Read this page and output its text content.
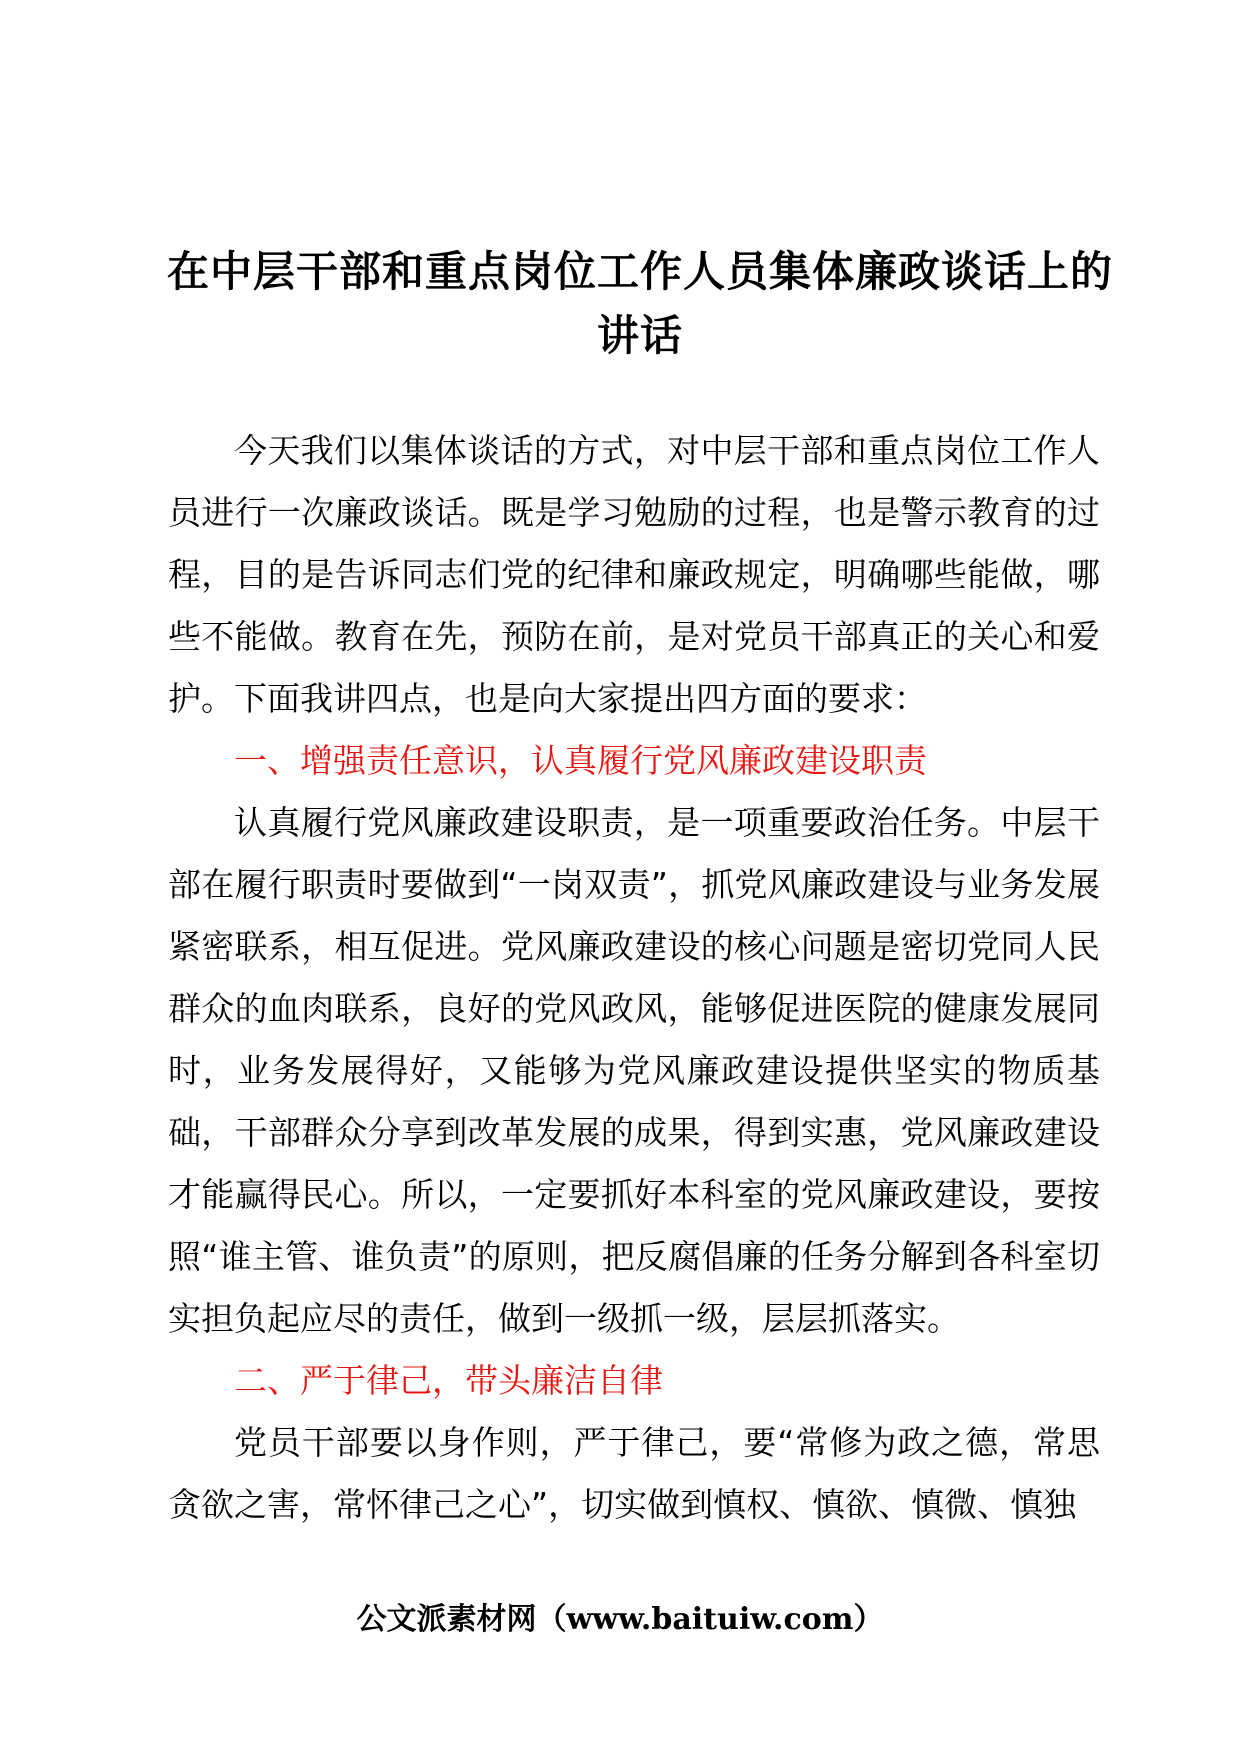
在中层干部和重点岗位工作人员集体廉政谈话上的讲话

今天我们以集体谈话的方式，对中层干部和重点岗位工作人员进行一次廉政谈话。既是学习勉励的过程，也是警示教育的过程，目的是告诉同志们党的纪律和廉政规定，明确哪些能做，哪些不能做。教育在先，预防在前，是对党员干部真正的关心和爱护。下面我讲四点，也是向大家提出四方面的要求：

一、增强责任意识，认真履行党风廉政建设职责

认真履行党风廉政建设职责，是一项重要政治任务。中层干部在履行职责时要做到“一岗双责”，抓党风廉政建设与业务发展紧密联系，相互促进。党风廉政建设的核心问题是密切党同人民群众的血肉联系，良好的党风政风，能够促进医院的健康发展同时，业务发展得好，又能够为党风廉政建设提供坚实的物质基础，干部群众分享到改革发展的成果，得到实惠，党风廉政建设才能赢得民心。所以，一定要抓好本科室的党风廉政建设，要按照“谁主管、谁负责”的原则，把反腐倡廉的任务分解到各科室切实担负起应尽的责任，做到一级抓一级，层层抓落实。

二、严于律己，带头廉洁自律

党员干部要以身作则，严于律己，要“常修为政之德，常思贪欲之害，常怀律己之心”，切实做到慎权、慎欲、慎微、慎独

公文派素材网（www.baituiw.com）
